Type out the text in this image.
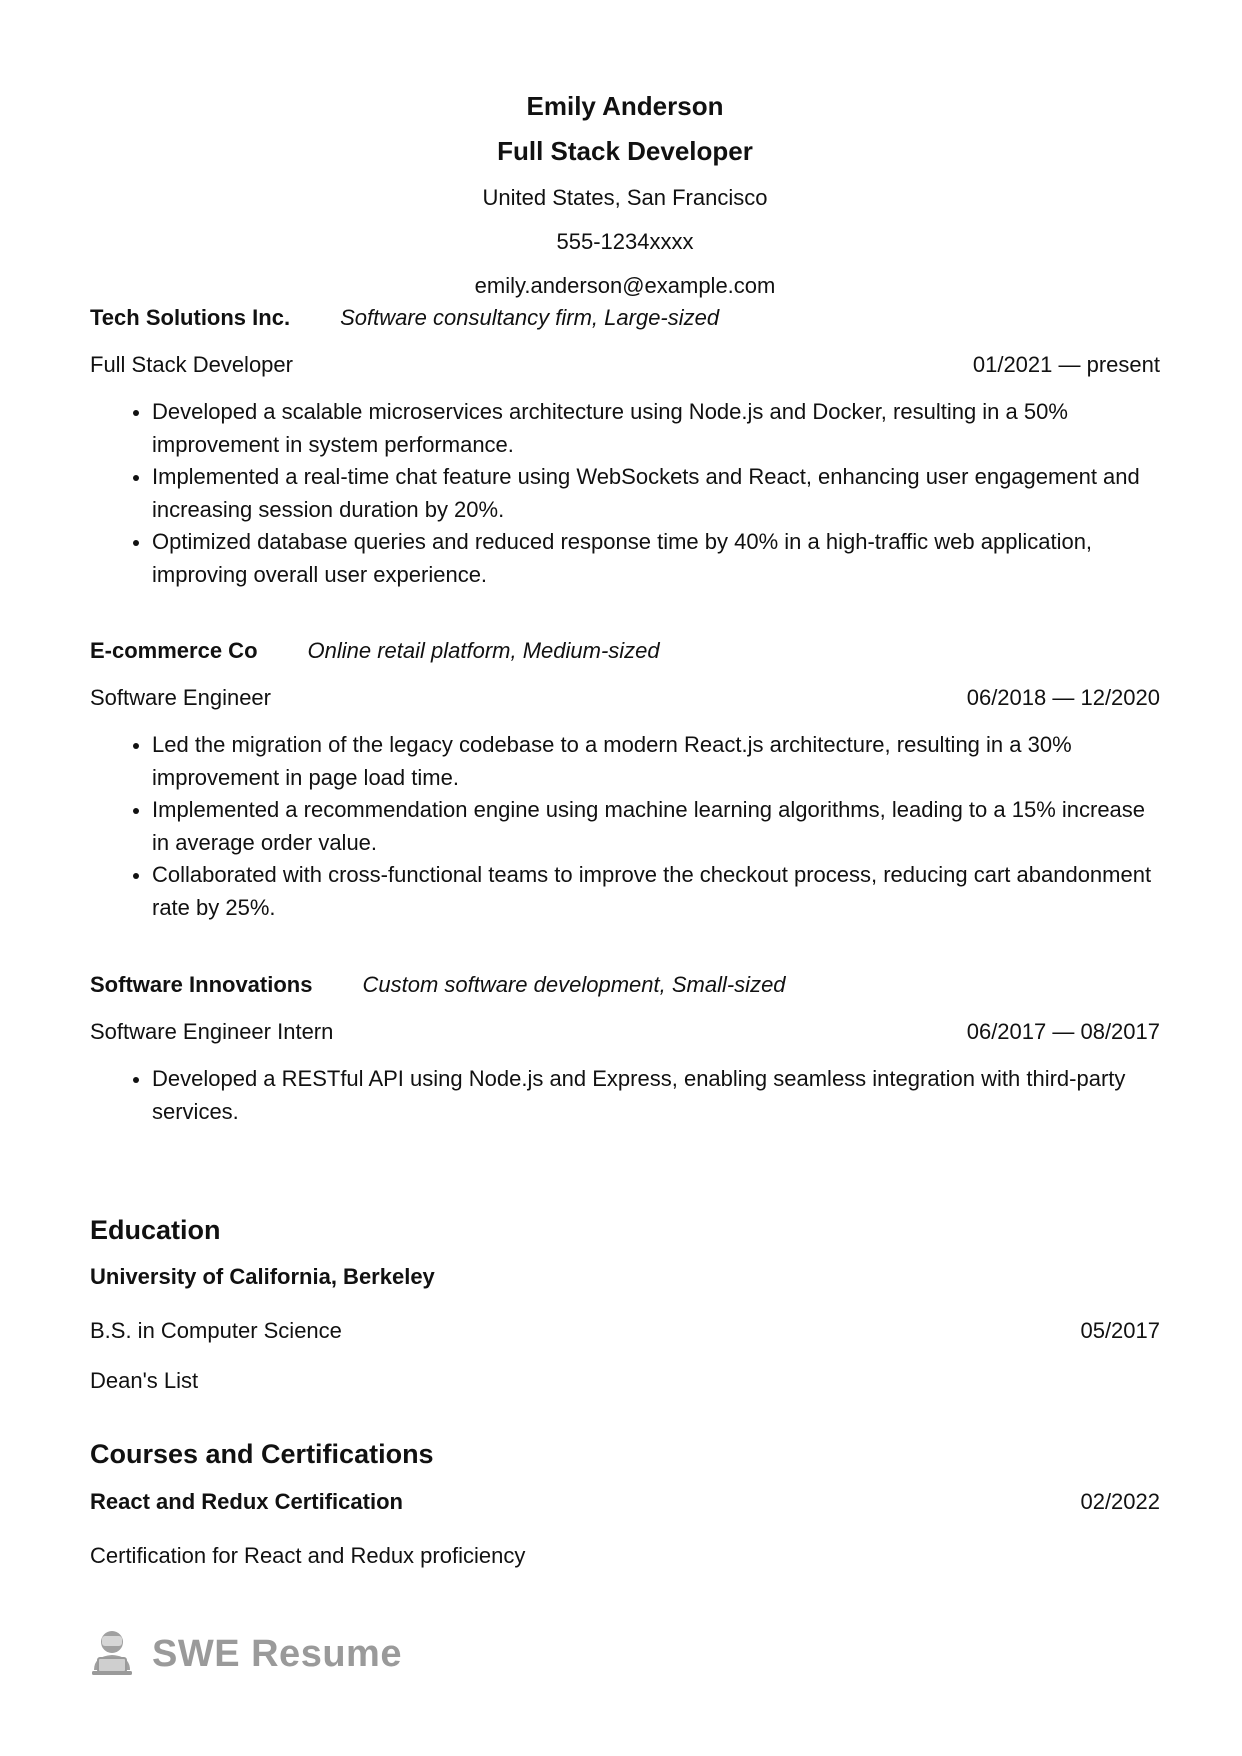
Emily Anderson
Full Stack Developer
United States, San Francisco
555-1234xxxx
emily.anderson@example.com
Tech Solutions Inc. Software consultancy firm, Large-sized
Full Stack Developer	01/2021 — present
Developed a scalable microservices architecture using Node.js and Docker, resulting in a 50% improvement in system performance.
Implemented a real-time chat feature using WebSockets and React, enhancing user engagement and increasing session duration by 20%.
Optimized database queries and reduced response time by 40% in a high-traffic web application, improving overall user experience.
E-commerce Co Online retail platform, Medium-sized
Software Engineer	06/2018 — 12/2020
Led the migration of the legacy codebase to a modern React.js architecture, resulting in a 30% improvement in page load time.
Implemented a recommendation engine using machine learning algorithms, leading to a 15% increase in average order value.
Collaborated with cross-functional teams to improve the checkout process, reducing cart abandonment rate by 25%.
Software Innovations Custom software development, Small-sized
Software Engineer Intern	06/2017 — 08/2017
Developed a RESTful API using Node.js and Express, enabling seamless integration with third-party services.
Education
University of California, Berkeley
B.S. in Computer Science	05/2017
Dean's List
Courses and Certifications
React and Redux Certification	02/2022
Certification for React and Redux proficiency
SWE Resume
